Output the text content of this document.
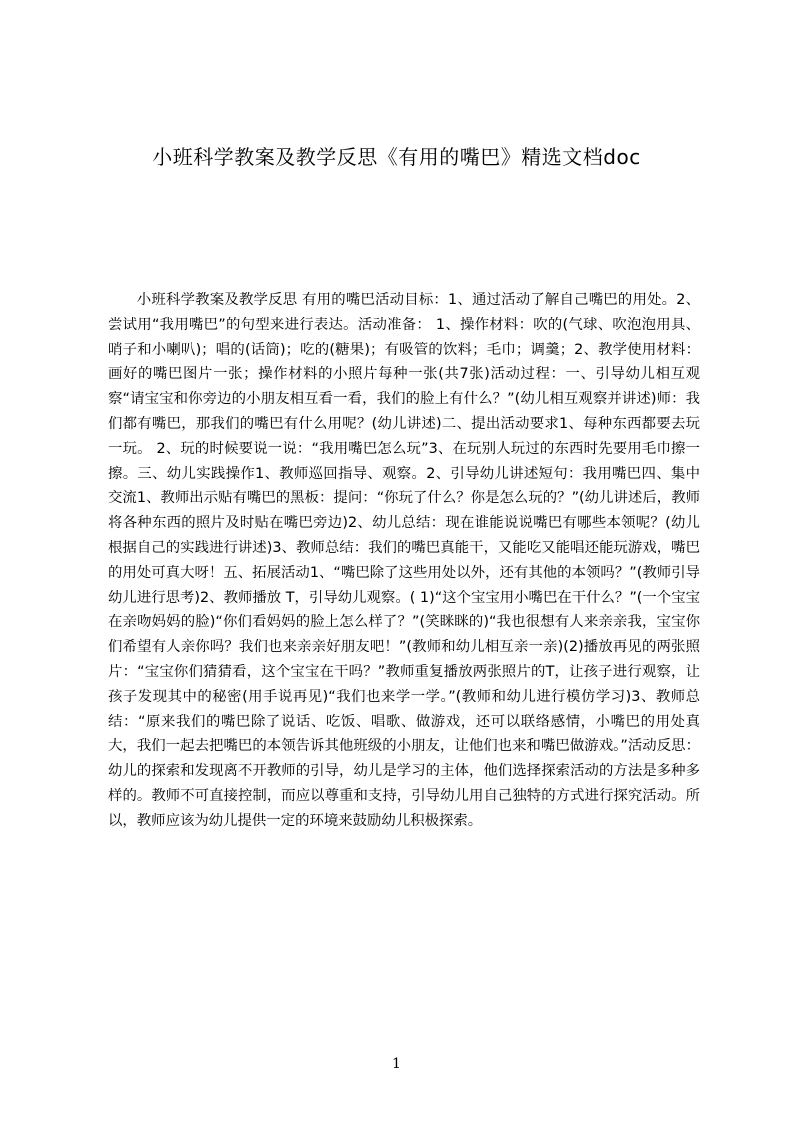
小班科学教案及教学反思《有用的嘴巴》精选文档doc
小班科学教案及教学反思 有用的嘴巴活动目标：1、通过活动了解自己嘴巴的用处。2、尝试用“我用嘴巴”的句型来进行表达。活动准备： 1、操作材料：吹的(气球、吹泡泡用具、哨子和小喇叭)；唱的(话筒)；吃的(糖果)；有吸管的饮料；毛巾；调羹；2、教学使用材料：画好的嘴巴图片一张；操作材料的小照片每种一张(共7张)活动过程：一、引导幼儿相互观察“请宝宝和你旁边的小朋友相互看一看，我们的脸上有什么？”(幼儿相互观察并讲述)师：我们都有嘴巴，那我们的嘴巴有什么用呢？(幼儿讲述)二、提出活动要求1、每种东西都要去玩一玩。 2、玩的时候要说一说：“我用嘴巴怎么玩”3、在玩别人玩过的东西时先要用毛巾擦一擦。三、幼儿实践操作1、教师巡回指导、观察。2、引导幼儿讲述短句：我用嘴巴四、集中交流1、教师出示贴有嘴巴的黑板：提问：“你玩了什么？你是怎么玩的？”(幼儿讲述后，教师将各种东西的照片及时贴在嘴巴旁边)2、幼儿总结：现在谁能说说嘴巴有哪些本领呢？(幼儿根据自己的实践进行讲述)3、教师总结：我们的嘴巴真能干，又能吃又能唱还能玩游戏，嘴巴的用处可真大呀！五、拓展活动1、“嘴巴除了这些用处以外，还有其他的本领吗？”(教师引导幼儿进行思考)2、教师播放 T，引导幼儿观察。( 1)“这个宝宝用小嘴巴在干什么？”(一个宝宝在亲吻妈妈的脸)“你们看妈妈的脸上怎么样了？”(笑眯眯的)“我也很想有人来亲亲我，宝宝你们希望有人亲你吗？我们也来亲亲好朋友吧！”(教师和幼儿相互亲一亲)(2)播放再见的两张照片：“宝宝你们猜猜看，这个宝宝在干吗？”教师重复播放两张照片的T，让孩子进行观察，让孩子发现其中的秘密(用手说再见)“我们也来学一学。”(教师和幼儿进行模仿学习)3、教师总结：“原来我们的嘴巴除了说话、吃饭、唱歌、做游戏，还可以联络感情，小嘴巴的用处真大，我们一起去把嘴巴的本领告诉其他班级的小朋友，让他们也来和嘴巴做游戏。”活动反思：幼儿的探索和发现离不开教师的引导，幼儿是学习的主体，他们选择探索活动的方法是多种多样的。教师不可直接控制，而应以尊重和支持，引导幼儿用自己独特的方式进行探究活动。所以，教师应该为幼儿提供一定的环境来鼓励幼儿积极探索。
1
